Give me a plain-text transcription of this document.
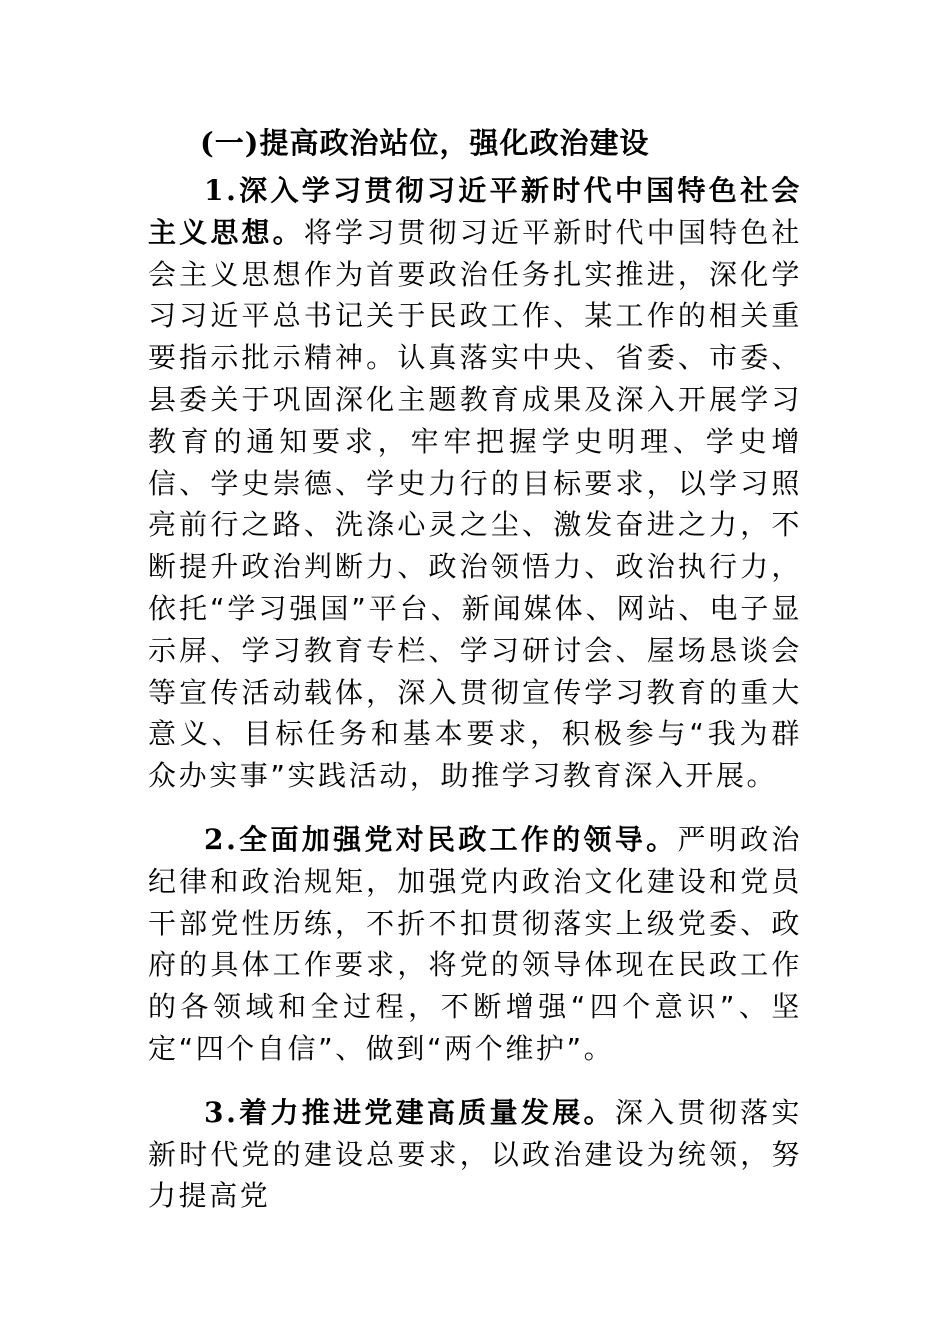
(一)提高政治站位，强化政治建设

1.深入学习贯彻习近平新时代中国特色社会主义思想。将学习贯彻习近平新时代中国特色社会主义思想作为首要政治任务扎实推进，深化学习习近平总书记关于民政工作、某工作的相关重要指示批示精神。认真落实中央、省委、市委、县委关于巩固深化主题教育成果及深入开展学习教育的通知要求，牢牢把握学史明理、学史增信、学史崇德、学史力行的目标要求，以学习照亮前行之路、洗涤心灵之尘、激发奋进之力，不断提升政治判断力、政治领悟力、政治执行力，依托“学习强国”平台、新闻媒体、网站、电子显示屏、学习教育专栏、学习研讨会、屋场恳谈会等宣传活动载体，深入贯彻宣传学习教育的重大意义、目标任务和基本要求，积极参与“我为群众办实事”实践活动，助推学习教育深入开展。

2.全面加强党对民政工作的领导。严明政治纪律和政治规矩，加强党内政治文化建设和党员干部党性历练，不折不扣贯彻落实上级党委、政府的具体工作要求，将党的领导体现在民政工作的各领域和全过程，不断增强“四个意识”、坚定“四个自信”、做到“两个维护”。

3.着力推进党建高质量发展。深入贯彻落实新时代党的建设总要求，以政治建设为统领，努力提高党
